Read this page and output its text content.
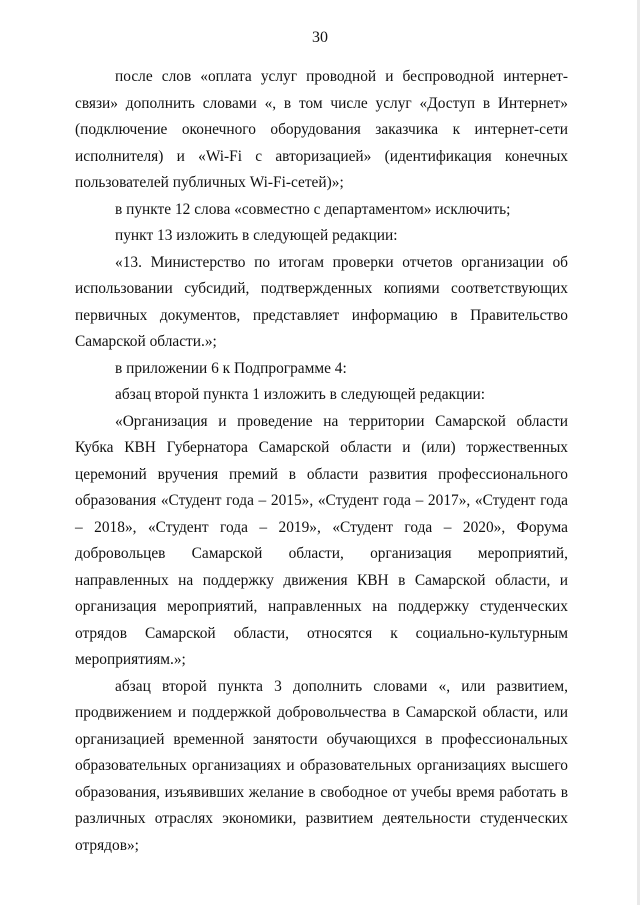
30

после слов «оплата услуг проводной и беспроводной интернет-связи» дополнить словами «, в том числе услуг «Доступ в Интернет» (подключение оконечного оборудования заказчика к интернет-сети исполнителя) и «Wi-Fi с авторизацией» (идентификация конечных пользователей публичных Wi-Fi-сетей)»;

в пункте 12 слова «совместно с департаментом» исключить;

пункт 13 изложить в следующей редакции:

«13. Министерство по итогам проверки отчетов организации об использовании субсидий, подтвержденных копиями соответствующих первичных документов, представляет информацию в Правительство Самарской области.»;

в приложении 6 к Подпрограмме 4:

абзац второй пункта 1 изложить в следующей редакции:

«Организация и проведение на территории Самарской области Кубка КВН Губернатора Самарской области и (или) торжественных церемоний вручения премий в области развития профессионального образования «Студент года – 2015», «Студент года – 2017», «Студент года – 2018», «Студент года – 2019», «Студент года – 2020», Форума добровольцев Самарской области, организация мероприятий, направленных на поддержку движения КВН в Самарской области, и организация мероприятий, направленных на поддержку студенческих отрядов Самарской области, относятся к социально-культурным мероприятиям.»;

абзац второй пункта 3 дополнить словами «, или развитием, продвижением и поддержкой добровольчества в Самарской области, или организацией временной занятости обучающихся в профессиональных образовательных организациях и образовательных организациях высшего образования, изъявивших желание в свободное от учебы время работать в различных отраслях экономики, развитием деятельности студенческих отрядов»;
